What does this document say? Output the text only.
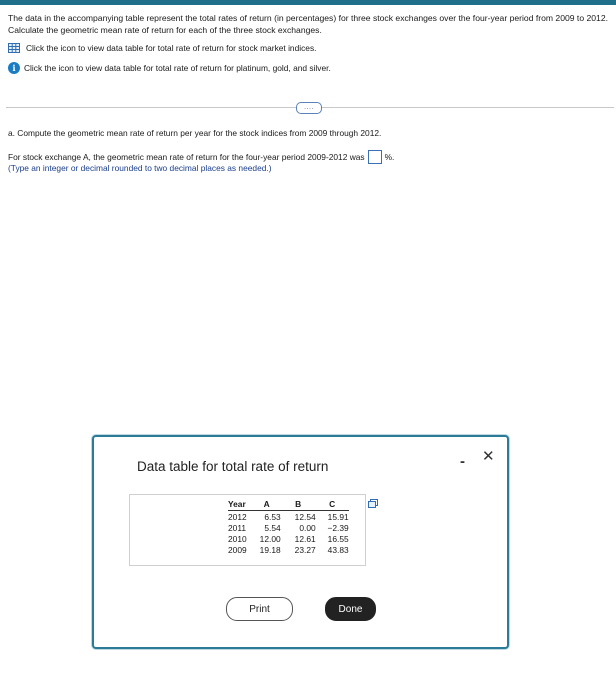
The data in the accompanying table represent the total rates of return (in percentages) for three stock exchanges over the four-year period from 2009 to 2012. Calculate the geometric mean rate of return for each of the three stock exchanges.
Click the icon to view data table for total rate of return for stock market indices.
i	Click the icon to view data table for total rate of return for platinum, gold, and silver.
....
a. Compute the geometric mean rate of return per year for the stock indices from 2009 through 2012.
For stock exchange A, the geometric mean rate of return for the four-year period 2009-2012 was %.
(Type an integer or decimal rounded to two decimal places as needed.)
Data table for total rate of return	- ✕
Year	A	B	C
2012	6.53	12.54	15.91
2011	5.54	0.00	−2.39
2010	12.00	12.61	16.55
2009	19.18	23.27	43.83
Print	Done
